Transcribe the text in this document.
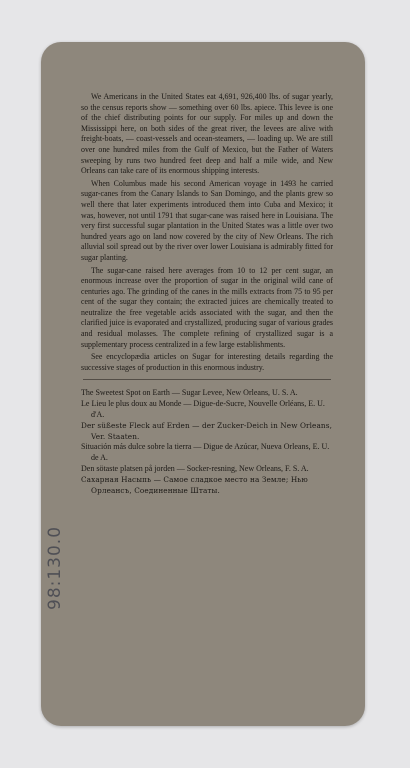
98:130.0

We Americans in the United States eat 4,691, 926,400 lbs. of sugar yearly, so the census reports show — something over 60 lbs. apiece. This levee is one of the chief distributing points for our supply. For miles up and down the Mississippi here, on both sides of the great river, the levees are alive with freight-boats, — coast-vessels and ocean-steamers, — loading up. We are still over one hundred miles from the Gulf of Mexico, but the Father of Waters sweeping by runs two hundred feet deep and half a mile wide, and New Orleans can take care of its enormous shipping interests.

When Columbus made his second American voyage in 1493 he carried sugar-canes from the Canary Islands to San Domingo, and the plants grew so well there that later experiments introduced them into Cuba and Mexico; it was, however, not until 1791 that sugar-cane was raised here in Louisiana. The very first successful sugar plantation in the United States was a little over two hundred years ago on land now covered by the city of New Orleans. The rich alluvial soil spread out by the river over lower Louisiana is admirably fitted for sugar planting.

The sugar-cane raised here averages from 10 to 12 per cent sugar, an enormous increase over the proportion of sugar in the original wild cane of centuries ago. The grinding of the canes in the mills extracts from 75 to 95 per cent of the sugar they contain; the extracted juices are chemically treated to neutralize the free vegetable acids associated with the sugar, and then the clarified juice is evaporated and crystallized, producing sugar of various grades and residual molasses. The complete refining of crystallized sugar is a supplementary process centralized in a few large establishments.

See encyclopædia articles on Sugar for interesting details regarding the successive stages of production in this enormous industry.

The Sweetest Spot on Earth — Sugar Levee, New Orleans, U. S. A.

Le Lieu le plus doux au Monde — Digue-de-Sucre, Nouvelle Orléans, E. U. d'A.

Der süßeste Fleck auf Erden — der Zucker-Deich in New Orleans, Ver. Staaten.

Situación más dulce sobre la tierra — Digue de Azúcar, Nueva Orleans, E. U. de A.

Den sötaste platsen på jorden — Socker-resning, New Orleans, F. S. A.

Сахарная Насыпь — Самое сладкое место на Земле; Нью Орлеансъ, Соединенные Штаты.
